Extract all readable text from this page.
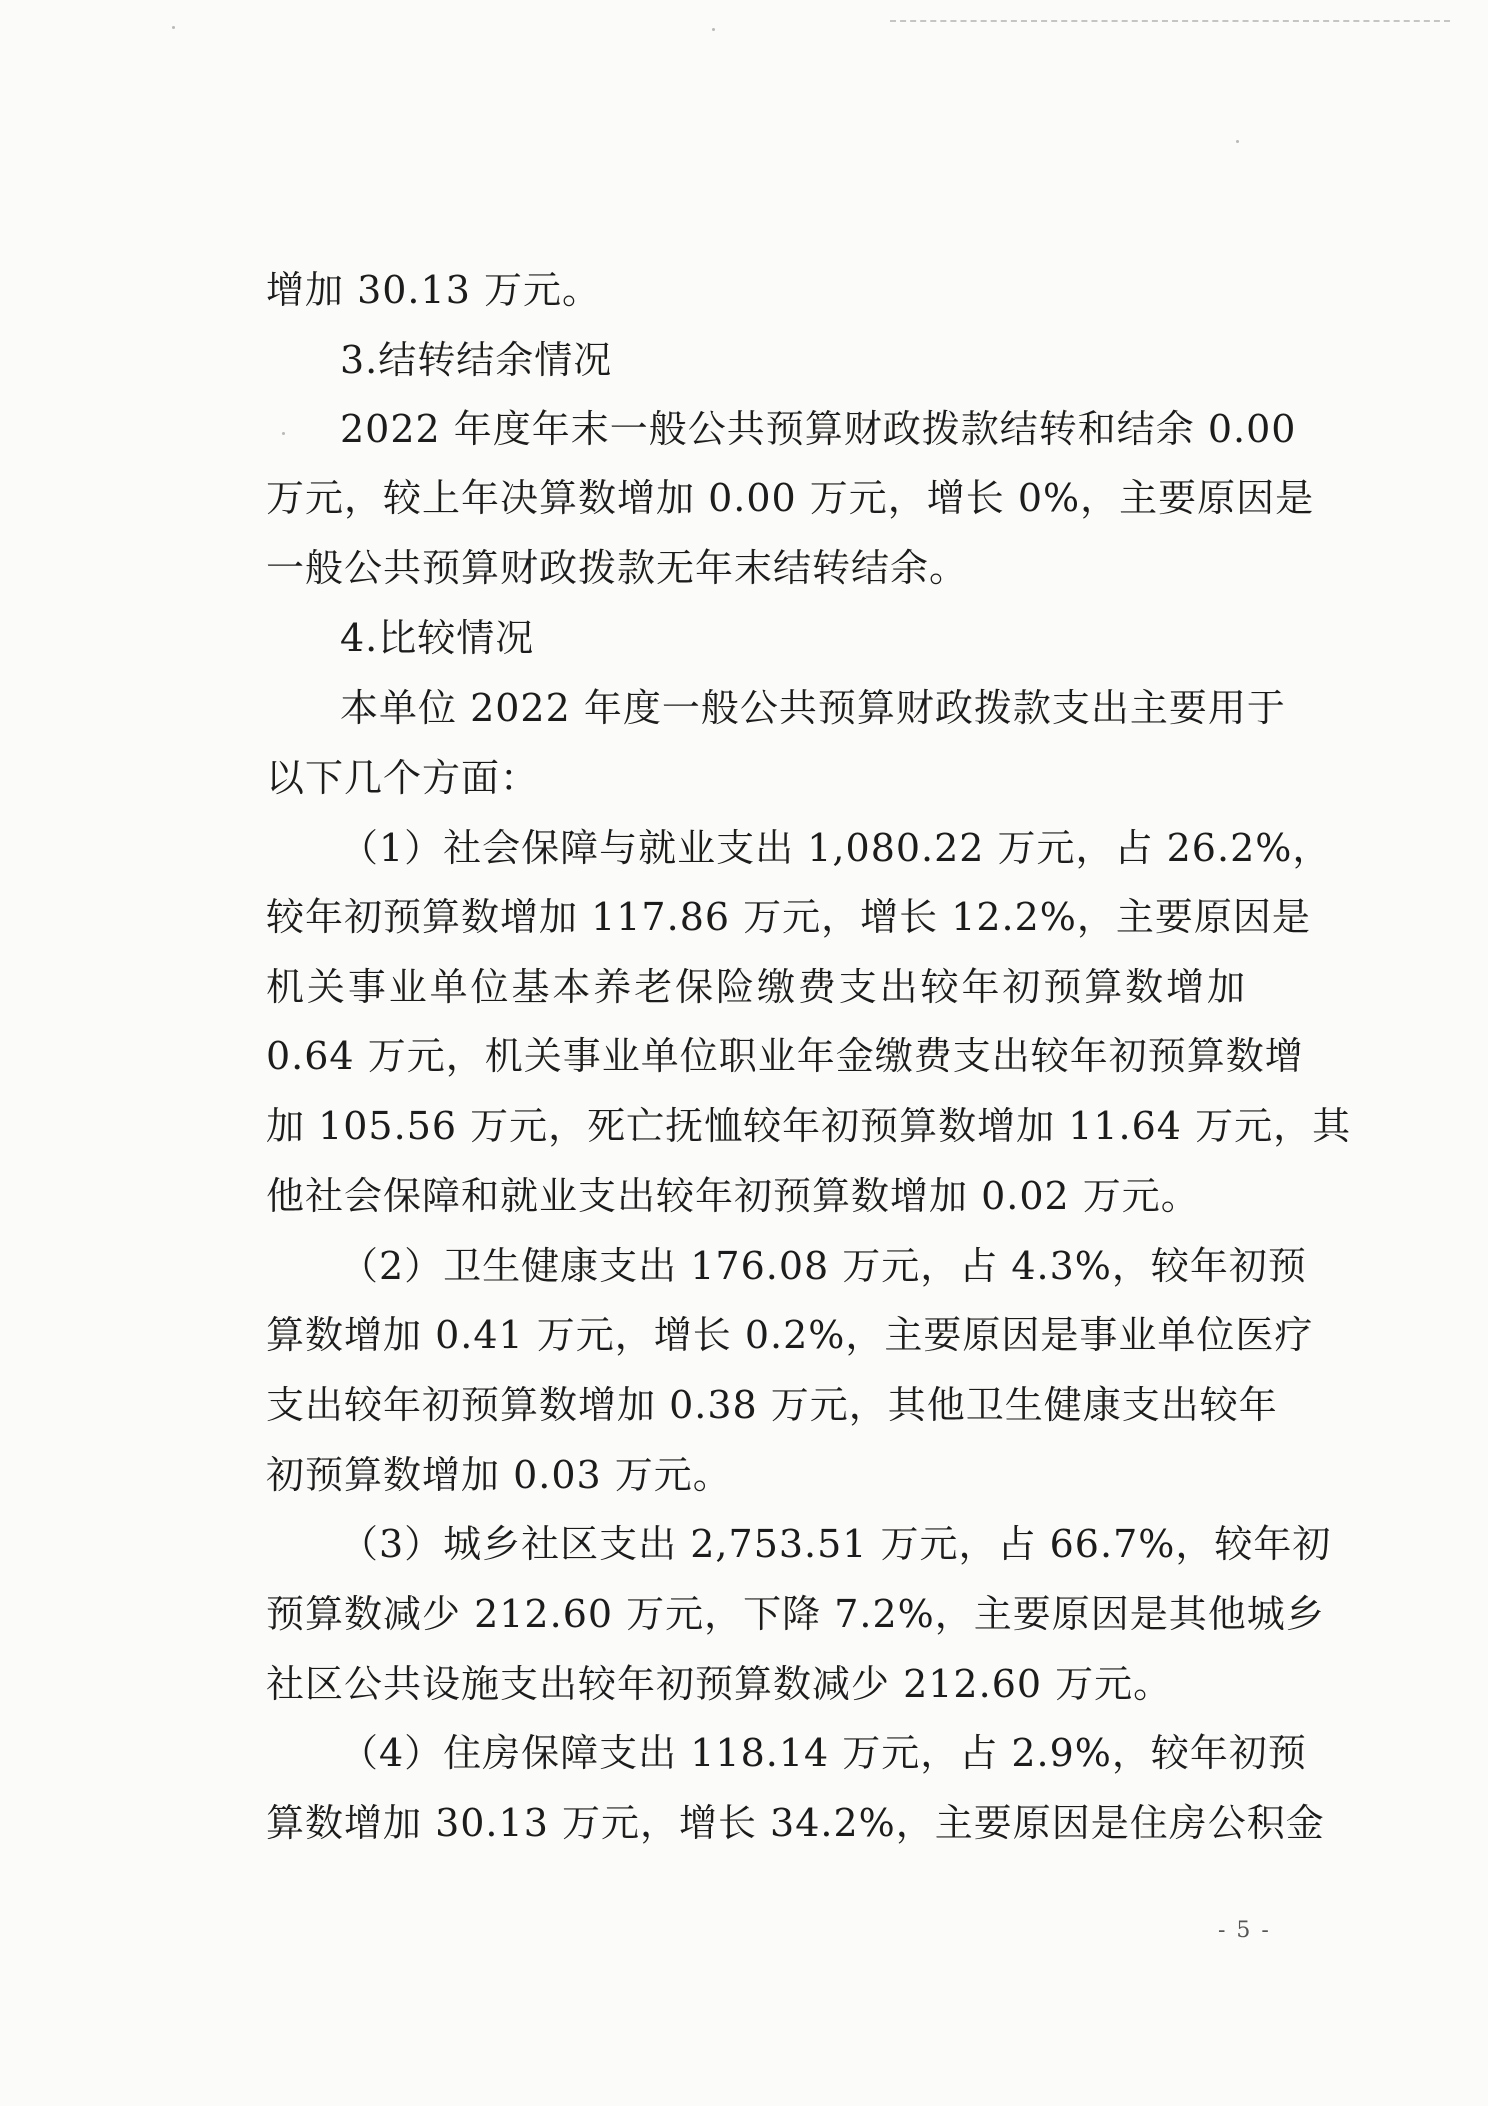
增加 30.13 万元。
3.结转结余情况
2022 年度年末一般公共预算财政拨款结转和结余 0.00
万元，较上年决算数增加 0.00 万元，增长 0%，主要原因是
一般公共预算财政拨款无年末结转结余。
4.比较情况
本单位 2022 年度一般公共预算财政拨款支出主要用于
以下几个方面：
（1）社会保障与就业支出 1,080.22 万元，占 26.2%，
较年初预算数增加 117.86 万元，增长 12.2%，主要原因是
机关事业单位基本养老保险缴费支出较年初预算数增加
0.64 万元，机关事业单位职业年金缴费支出较年初预算数增
加 105.56 万元，死亡抚恤较年初预算数增加 11.64 万元，其
他社会保障和就业支出较年初预算数增加 0.02 万元。
（2）卫生健康支出 176.08 万元，占 4.3%，较年初预
算数增加 0.41 万元，增长 0.2%，主要原因是事业单位医疗
支出较年初预算数增加 0.38 万元，其他卫生健康支出较年
初预算数增加 0.03 万元。
（3）城乡社区支出 2,753.51 万元，占 66.7%，较年初
预算数减少 212.60 万元，下降 7.2%，主要原因是其他城乡
社区公共设施支出较年初预算数减少 212.60 万元。
（4）住房保障支出 118.14 万元，占 2.9%，较年初预
算数增加 30.13 万元，增长 34.2%，主要原因是住房公积金
- 5 -
